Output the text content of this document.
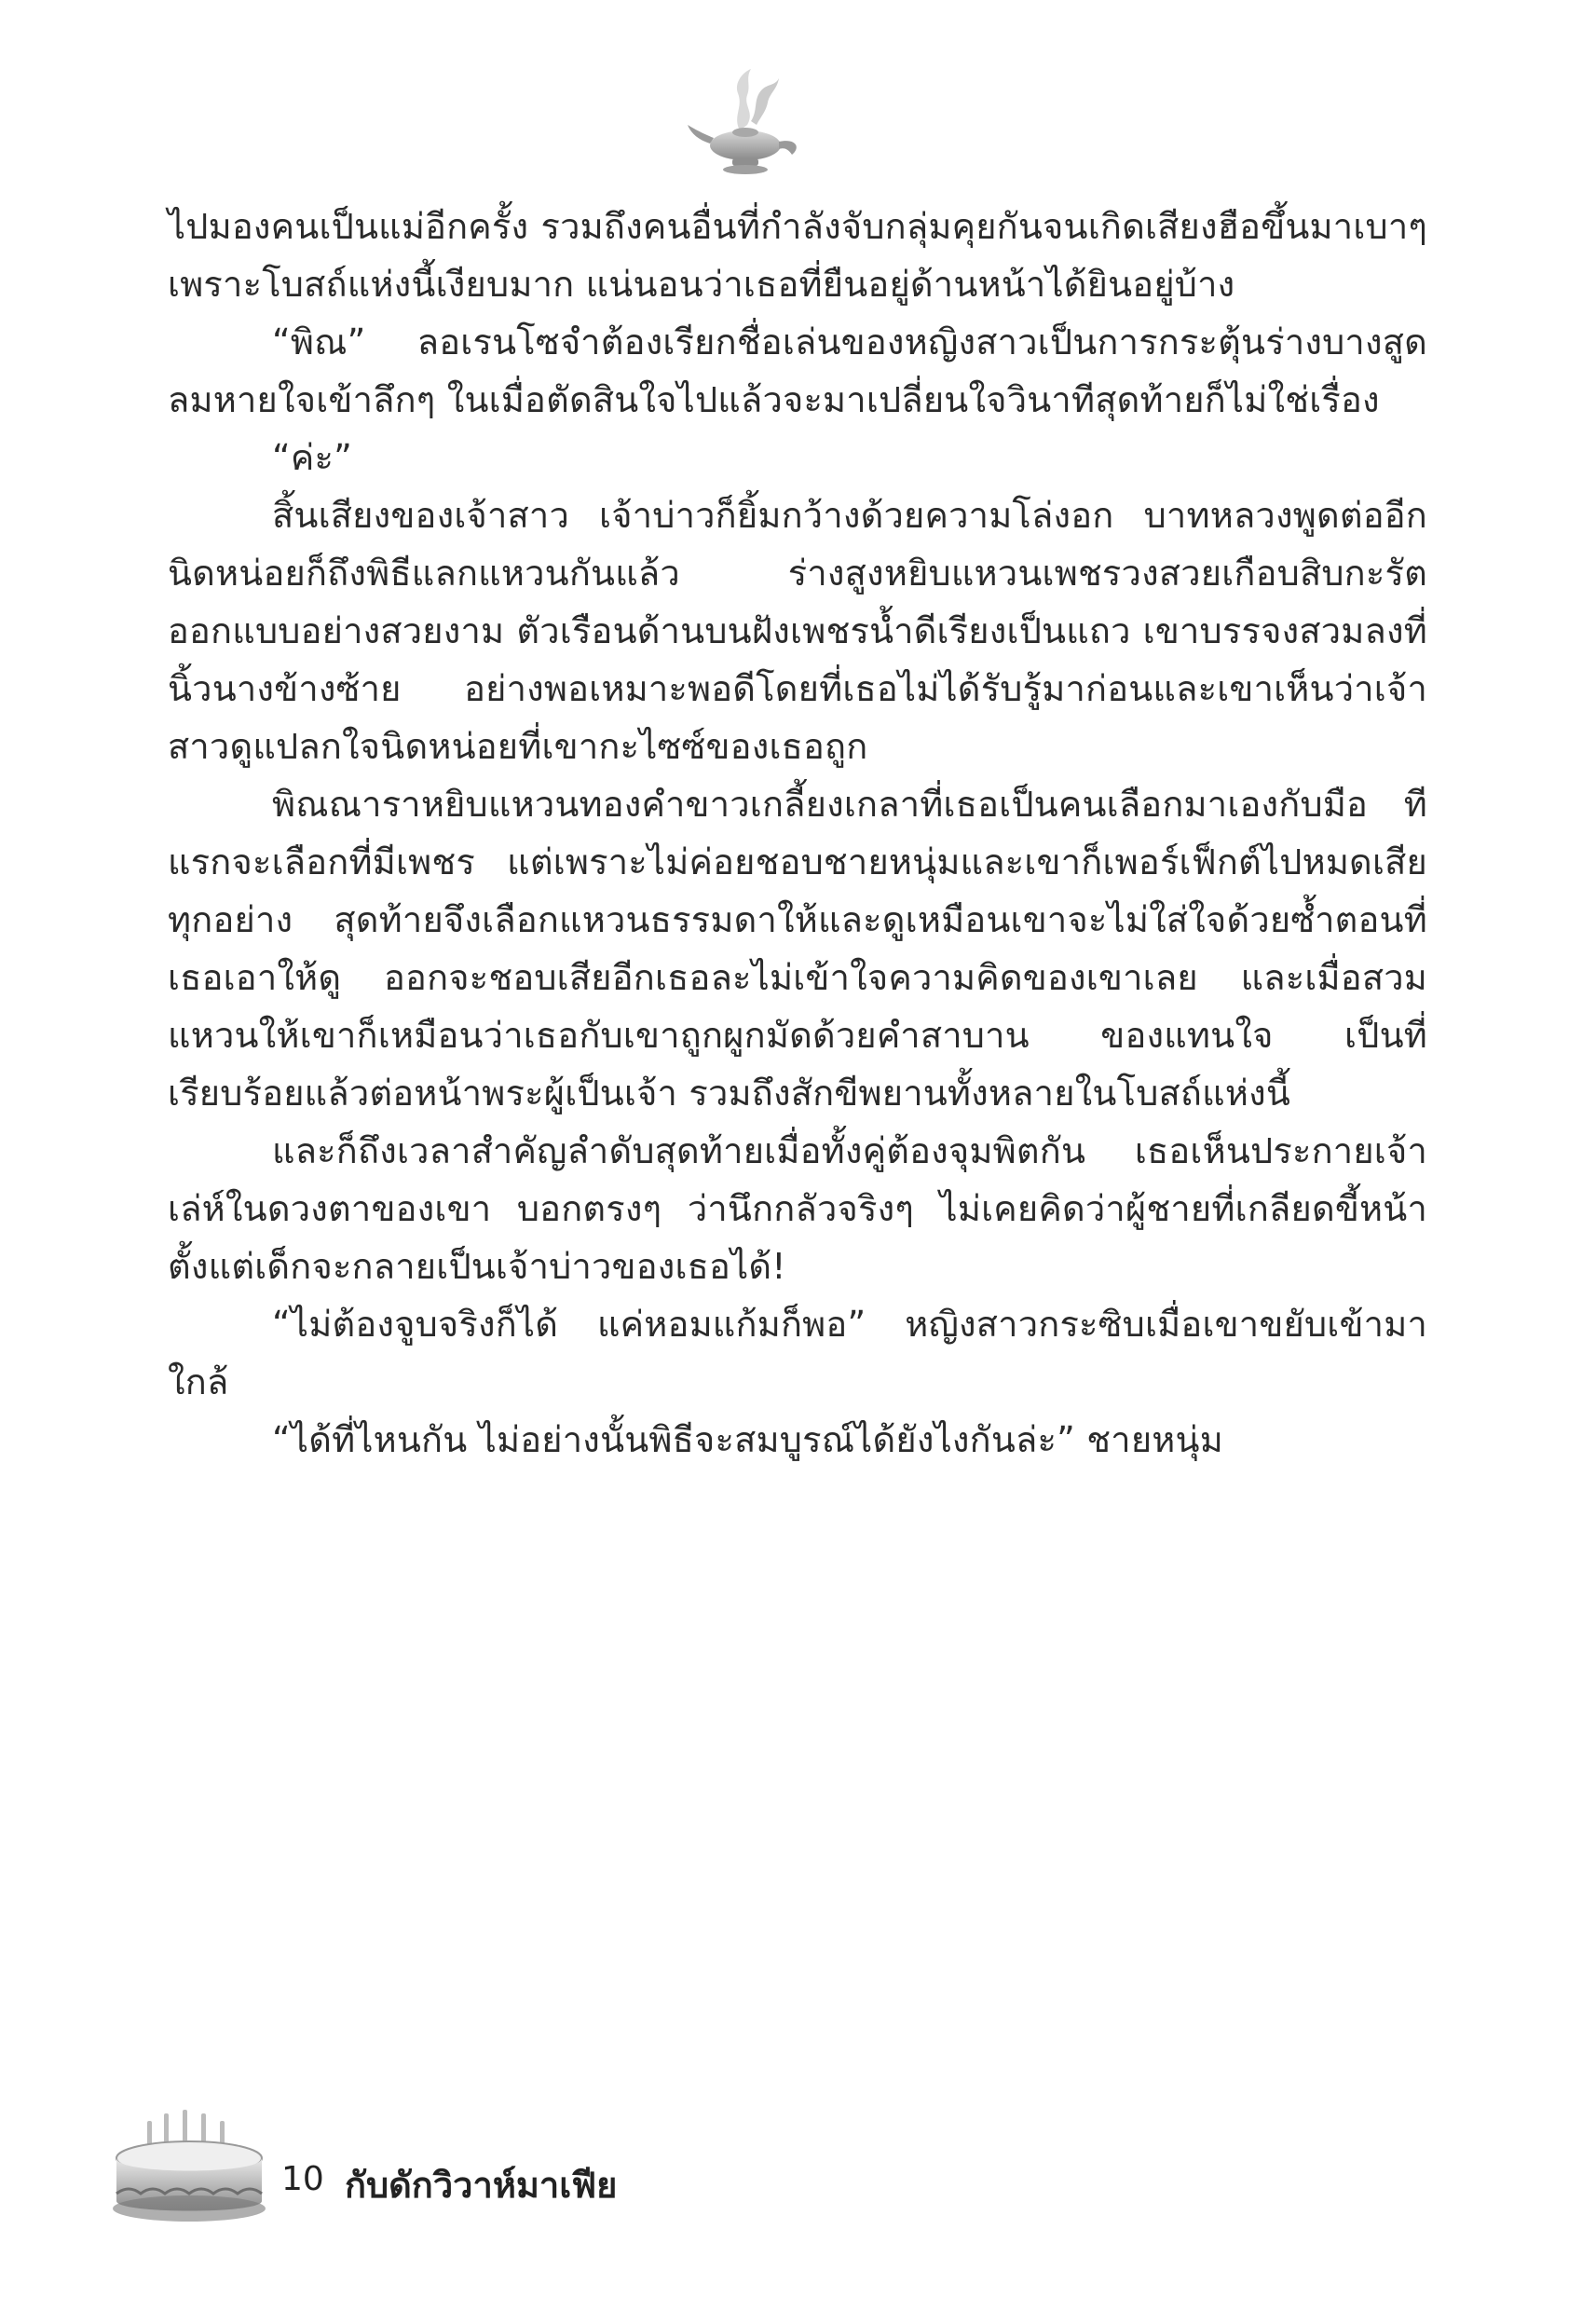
ไปมองคนเป็นแม่อีกครั้ง รวมถึงคนอื่นที่กำลังจับกลุ่มคุยกันจนเกิดเสียงฮือขึ้นมาเบาๆ เพราะโบสถ์แห่งนี้เงียบมาก แน่นอนว่าเธอที่ยืนอยู่ด้านหน้าได้ยินอยู่บ้าง

“พิณ” ลอเรนโซจำต้องเรียกชื่อเล่นของหญิงสาวเป็นการกระตุ้นร่างบางสูดลมหายใจเข้าลึกๆ ในเมื่อตัดสินใจไปแล้วจะมาเปลี่ยนใจวินาทีสุดท้ายก็ไม่ใช่เรื่อง

“ค่ะ”

สิ้นเสียงของเจ้าสาว เจ้าบ่าวก็ยิ้มกว้างด้วยความโล่งอก บาทหลวงพูดต่ออีกนิดหน่อยก็ถึงพิธีแลกแหวนกันแล้ว ร่างสูงหยิบแหวนเพชรวงสวยเกือบสิบกะรัตออกแบบอย่างสวยงาม ตัวเรือนด้านบนฝังเพชรน้ำดีเรียงเป็นแถว เขาบรรจงสวมลงที่นิ้วนางข้างซ้าย อย่างพอเหมาะพอดีโดยที่เธอไม่ได้รับรู้มาก่อนและเขาเห็นว่าเจ้าสาวดูแปลกใจนิดหน่อยที่เขากะไซซ์ของเธอถูก

พิณณาราหยิบแหวนทองคำขาวเกลี้ยงเกลาที่เธอเป็นคนเลือกมาเองกับมือ ทีแรกจะเลือกที่มีเพชร แต่เพราะไม่ค่อยชอบชายหนุ่มและเขาก็เพอร์เฟ็กต์ไปหมดเสียทุกอย่าง สุดท้ายจึงเลือกแหวนธรรมดาให้และดูเหมือนเขาจะไม่ใส่ใจด้วยซ้ำตอนที่เธอเอาให้ดู ออกจะชอบเสียอีกเธอละไม่เข้าใจความคิดของเขาเลย และเมื่อสวมแหวนให้เขาก็เหมือนว่าเธอกับเขาถูกผูกมัดด้วยคำสาบาน ของแทนใจ เป็นที่เรียบร้อยแล้วต่อหน้าพระผู้เป็นเจ้า รวมถึงสักขีพยานทั้งหลายในโบสถ์แห่งนี้

และก็ถึงเวลาสำคัญลำดับสุดท้ายเมื่อทั้งคู่ต้องจุมพิตกัน เธอเห็นประกายเจ้าเล่ห์ในดวงตาของเขา บอกตรงๆ ว่านึกกลัวจริงๆ ไม่เคยคิดว่าผู้ชายที่เกลียดขี้หน้าตั้งแต่เด็กจะกลายเป็นเจ้าบ่าวของเธอได้!

“ไม่ต้องจูบจริงก็ได้ แค่หอมแก้มก็พอ” หญิงสาวกระซิบเมื่อเขาขยับเข้ามาใกล้

“ได้ที่ไหนกัน ไม่อย่างนั้นพิธีจะสมบูรณ์ได้ยังไงกันล่ะ” ชายหนุ่ม

10 กับดักวิวาห์มาเฟีย
